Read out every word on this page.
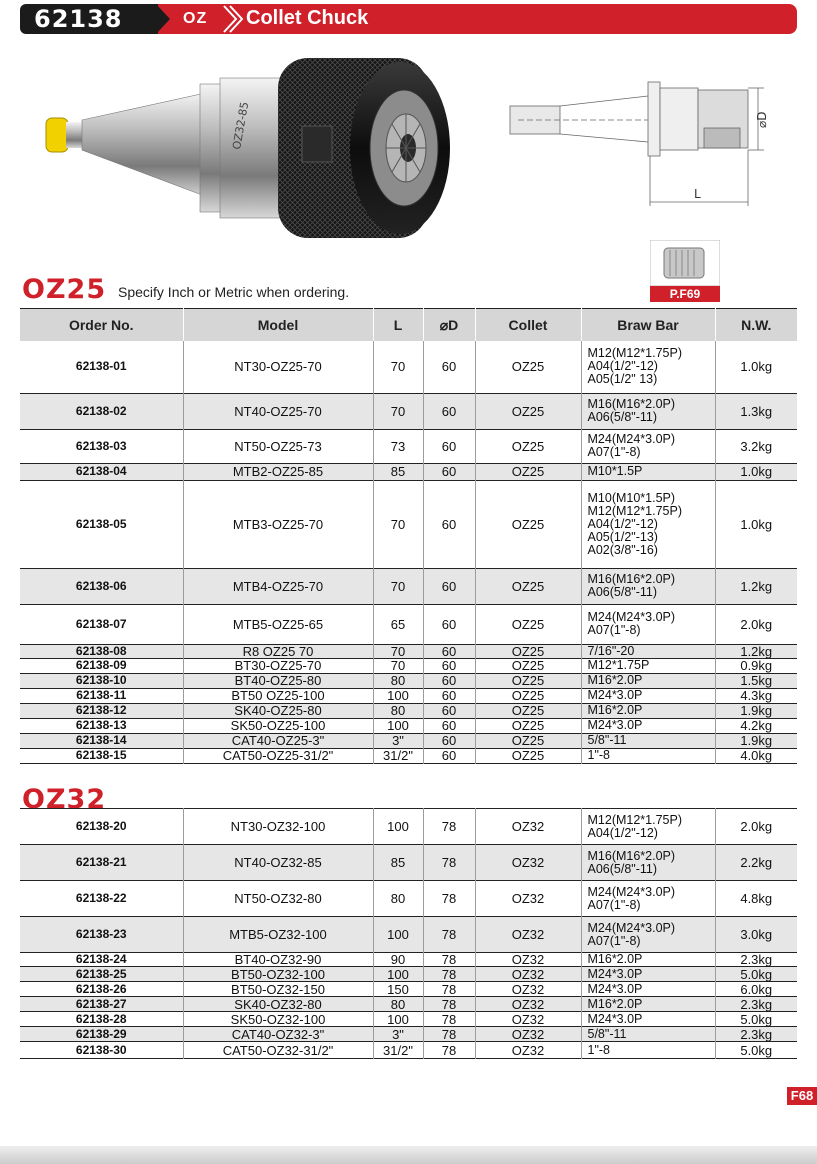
62138	OZ Collet Chuck
OZ32-85	⌀D
L
P.F69
OZ25 Specify Inch or Metric when ordering.
Order No.	Model	L	⌀D	Collet	Braw Bar	N.W.
62138-01	NT30-OZ25-70	70	60	OZ25	M12(M12*1.75P)
A04(1/2"-12)
A05(1/2" 13)	1.0kg
62138-02	NT40-OZ25-70	70	60	OZ25	M16(M16*2.0P)
A06(5/8"-11)	1.3kg
62138-03	NT50-OZ25-73	73	60	OZ25	M24(M24*3.0P)
A07(1"-8)	3.2kg
62138-04	MTB2-OZ25-85	85	60	OZ25	M10*1.5P	1.0kg
62138-05	MTB3-OZ25-70	70	60	OZ25	M10(M10*1.5P)
M12(M12*1.75P)
A04(1/2"-12)
A05(1/2"-13)
A02(3/8"-16)	1.0kg
62138-06	MTB4-OZ25-70	70	60	OZ25	M16(M16*2.0P)
A06(5/8"-11)	1.2kg
62138-07	MTB5-OZ25-65	65	60	OZ25	M24(M24*3.0P)
A07(1"-8)	2.0kg
62138-08	R8 OZ25 70	70	60	OZ25	7/16"-20	1.2kg
62138-09	BT30-OZ25-70	70	60	OZ25	M12*1.75P	0.9kg
62138-10	BT40-OZ25-80	80	60	OZ25	M16*2.0P	1.5kg
62138-11	BT50 OZ25-100	100	60	OZ25	M24*3.0P	4.3kg
62138-12	SK40-OZ25-80	80	60	OZ25	M16*2.0P	1.9kg
62138-13	SK50-OZ25-100	100	60	OZ25	M24*3.0P	4.2kg
62138-14	CAT40-OZ25-3"	3"	60	OZ25	5/8"-11	1.9kg
62138-15	CAT50-OZ25-31/2"	31/2"	60	OZ25	1"-8	4.0kg
OZ32
62138-20	NT30-OZ32-100	100	78	OZ32	M12(M12*1.75P)
A04(1/2"-12)	2.0kg
62138-21	NT40-OZ32-85	85	78	OZ32	M16(M16*2.0P)
A06(5/8"-11)	2.2kg
62138-22	NT50-OZ32-80	80	78	OZ32	M24(M24*3.0P)
A07(1"-8)	4.8kg
62138-23	MTB5-OZ32-100	100	78	OZ32	M24(M24*3.0P)
A07(1"-8)	3.0kg
62138-24	BT40-OZ32-90	90	78	OZ32	M16*2.0P	2.3kg
62138-25	BT50-OZ32-100	100	78	OZ32	M24*3.0P	5.0kg
62138-26	BT50-OZ32-150	150	78	OZ32	M24*3.0P	6.0kg
62138-27	SK40-OZ32-80	80	78	OZ32	M16*2.0P	2.3kg
62138-28	SK50-OZ32-100	100	78	OZ32	M24*3.0P	5.0kg
62138-29	CAT40-OZ32-3"	3"	78	OZ32	5/8"-11	2.3kg
62138-30	CAT50-OZ32-31/2"	31/2"	78	OZ32	1"-8	5.0kg
F68
